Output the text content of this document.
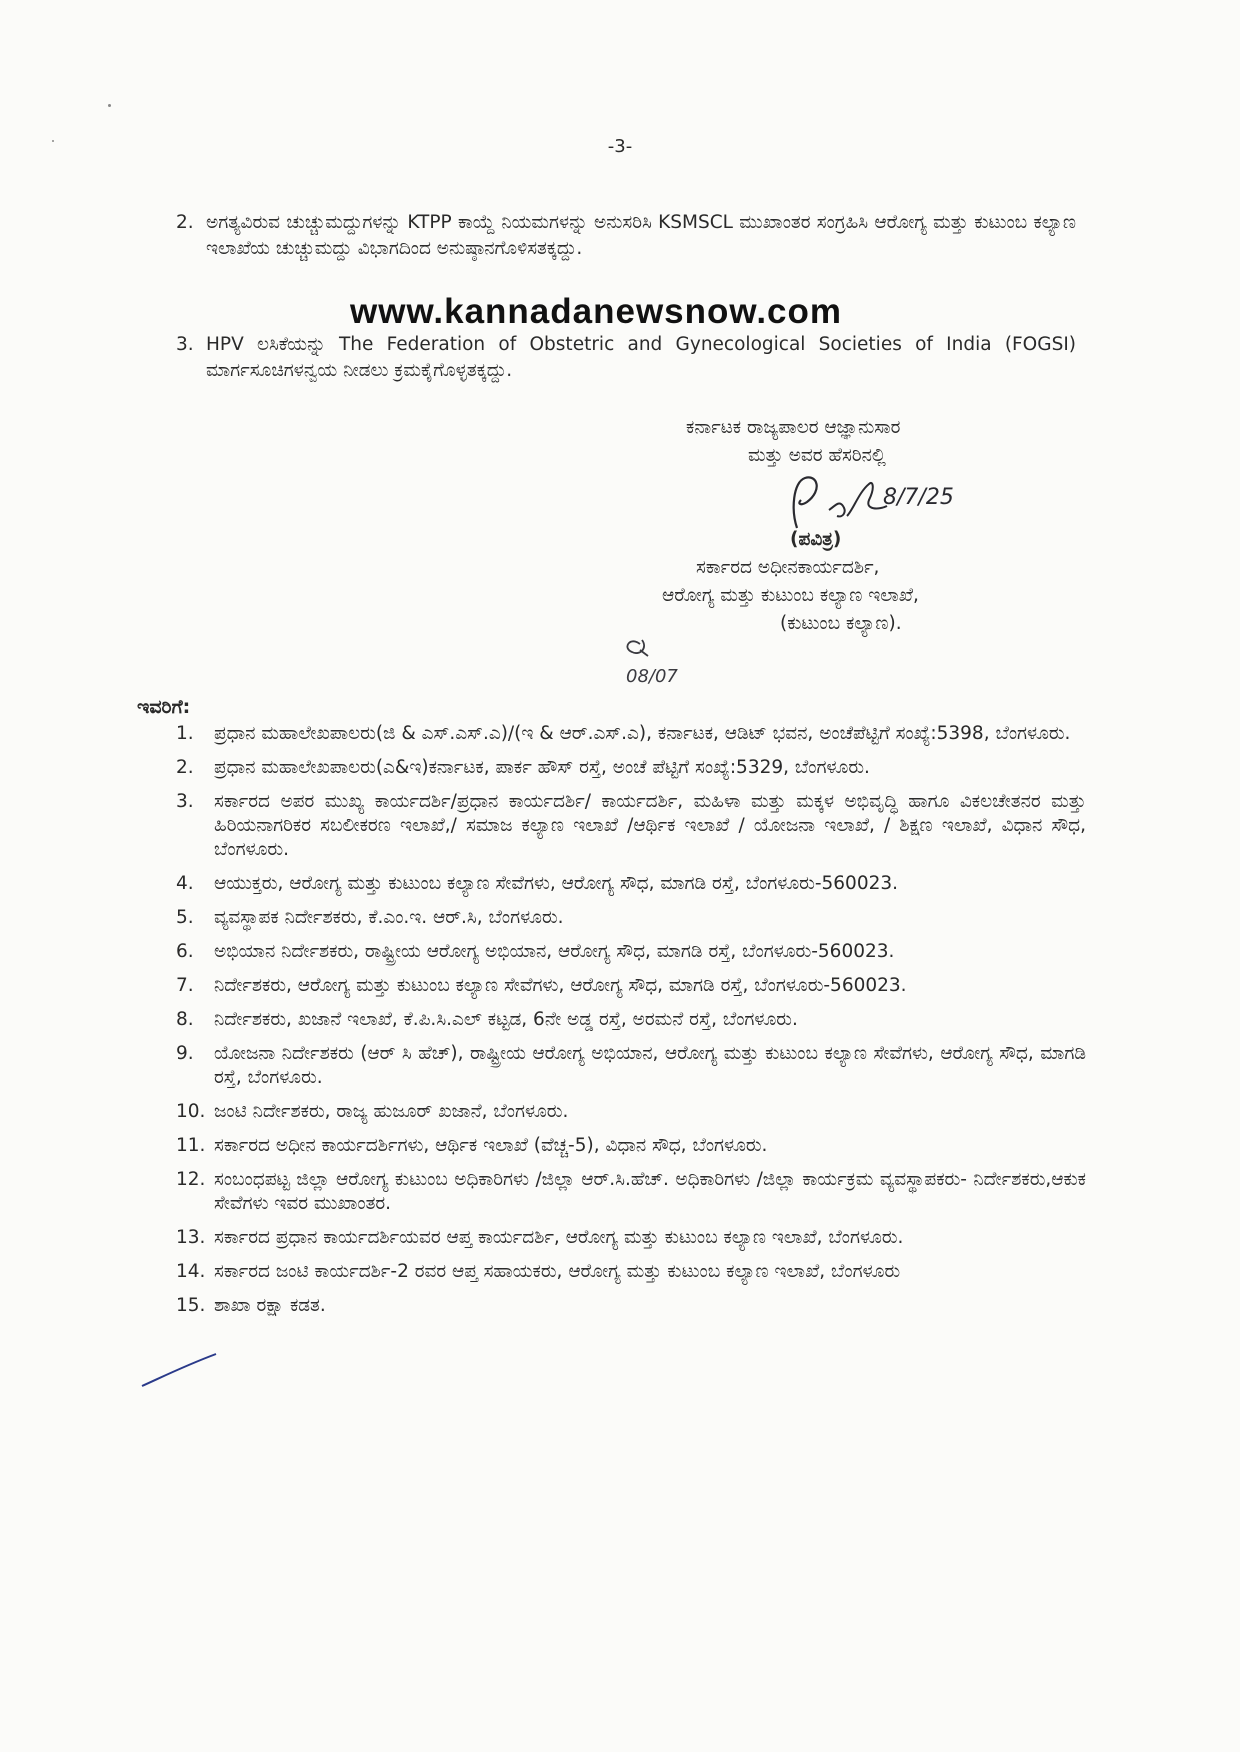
-3-
2. ಅಗತ್ಯವಿರುವ ಚುಚ್ಚುಮದ್ದುಗಳನ್ನು KTPP ಕಾಯ್ದೆ ನಿಯಮಗಳನ್ನು ಅನುಸರಿಸಿ KSMSCL ಮುಖಾಂತರ ಸಂಗ್ರಹಿಸಿ ಆರೋಗ್ಯ ಮತ್ತು ಕುಟುಂಬ ಕಲ್ಯಾಣ ಇಲಾಖೆಯ ಚುಚ್ಚುಮದ್ದು ವಿಭಾಗದಿಂದ ಅನುಷ್ಠಾನಗೊಳಿಸತಕ್ಕದ್ದು.
www.kannadanewsnow.com
3. HPV ಲಸಿಕೆಯನ್ನು The Federation of Obstetric and Gynecological Societies of India (FOGSI) ಮಾರ್ಗಸೂಚಿಗಳನ್ವಯ ನೀಡಲು ಕ್ರಮಕೈಗೊಳ್ಳತಕ್ಕದ್ದು.
ಕರ್ನಾಟಕ ರಾಜ್ಯಪಾಲರ ಆಜ್ಞಾನುಸಾರ
ಮತ್ತು ಅವರ ಹೆಸರಿನಲ್ಲಿ
(ಪವಿತ್ರ)
ಸರ್ಕಾರದ ಅಧೀನಕಾರ್ಯದರ್ಶಿ,
ಆರೋಗ್ಯ ಮತ್ತು ಕುಟುಂಬ ಕಲ್ಯಾಣ ಇಲಾಖೆ,
(ಕುಟುಂಬ ಕಲ್ಯಾಣ).
8/7/25
08/07
ಇವರಿಗೆ:
1. ಪ್ರಧಾನ ಮಹಾಲೇಖಪಾಲರು(ಜಿ & ಎಸ್.ಎಸ್.ಎ)/(ಇ & ಆರ್.ಎಸ್.ಎ), ಕರ್ನಾಟಕ, ಆಡಿಟ್ ಭವನ, ಅಂಚೆಪೆಟ್ಟಿಗೆ ಸಂಖ್ಯೆ:5398, ಬೆಂಗಳೂರು.
2. ಪ್ರಧಾನ ಮಹಾಲೇಖಪಾಲರು(ಎ&ಇ)ಕರ್ನಾಟಕ, ಪಾರ್ಕ ಹೌಸ್ ರಸ್ತೆ, ಅಂಚೆ ಪೆಟ್ಟಿಗೆ ಸಂಖ್ಯೆ:5329, ಬೆಂಗಳೂರು.
3. ಸರ್ಕಾರದ ಅಪರ ಮುಖ್ಯ ಕಾರ್ಯದರ್ಶಿ/ಪ್ರಧಾನ ಕಾರ್ಯದರ್ಶಿ/ ಕಾರ್ಯದರ್ಶಿ, ಮಹಿಳಾ ಮತ್ತು ಮಕ್ಕಳ ಅಭಿವೃದ್ಧಿ ಹಾಗೂ ವಿಕಲಚೇತನರ ಮತ್ತು ಹಿರಿಯನಾಗರಿಕರ ಸಬಲೀಕರಣ ಇಲಾಖೆ,/ ಸಮಾಜ ಕಲ್ಯಾಣ ಇಲಾಖೆ /ಆರ್ಥಿಕ ಇಲಾಖೆ / ಯೋಜನಾ ಇಲಾಖೆ, / ಶಿಕ್ಷಣ ಇಲಾಖೆ, ವಿಧಾನ ಸೌಧ, ಬೆಂಗಳೂರು.
4. ಆಯುಕ್ತರು, ಆರೋಗ್ಯ ಮತ್ತು ಕುಟುಂಬ ಕಲ್ಯಾಣ ಸೇವೆಗಳು, ಆರೋಗ್ಯ ಸೌಧ, ಮಾಗಡಿ ರಸ್ತೆ, ಬೆಂಗಳೂರು-560023.
5. ವ್ಯವಸ್ಥಾಪಕ ನಿರ್ದೇಶಕರು, ಕೆ.ಎಂ.ಇ. ಆರ್.ಸಿ, ಬೆಂಗಳೂರು.
6. ಅಭಿಯಾನ ನಿರ್ದೇಶಕರು, ರಾಷ್ಟ್ರೀಯ ಆರೋಗ್ಯ ಅಭಿಯಾನ, ಆರೋಗ್ಯ ಸೌಧ, ಮಾಗಡಿ ರಸ್ತೆ, ಬೆಂಗಳೂರು-560023.
7. ನಿರ್ದೇಶಕರು, ಆರೋಗ್ಯ ಮತ್ತು ಕುಟುಂಬ ಕಲ್ಯಾಣ ಸೇವೆಗಳು, ಆರೋಗ್ಯ ಸೌಧ, ಮಾಗಡಿ ರಸ್ತೆ, ಬೆಂಗಳೂರು-560023.
8. ನಿರ್ದೇಶಕರು, ಖಜಾನೆ ಇಲಾಖೆ, ಕೆ.ಪಿ.ಸಿ.ಎಲ್ ಕಟ್ಟಡ, 6ನೇ ಅಡ್ಡ ರಸ್ತೆ, ಅರಮನೆ ರಸ್ತೆ, ಬೆಂಗಳೂರು.
9. ಯೋಜನಾ ನಿರ್ದೇಶಕರು (ಆರ್ ಸಿ ಹೆಚ್), ರಾಷ್ಟ್ರೀಯ ಆರೋಗ್ಯ ಅಭಿಯಾನ, ಆರೋಗ್ಯ ಮತ್ತು ಕುಟುಂಬ ಕಲ್ಯಾಣ ಸೇವೆಗಳು, ಆರೋಗ್ಯ ಸೌಧ, ಮಾಗಡಿ ರಸ್ತೆ, ಬೆಂಗಳೂರು.
10. ಜಂಟಿ ನಿರ್ದೇಶಕರು, ರಾಜ್ಯ ಹುಜೂರ್ ಖಜಾನೆ, ಬೆಂಗಳೂರು.
11. ಸರ್ಕಾರದ ಅಧೀನ ಕಾರ್ಯದರ್ಶಿಗಳು, ಆರ್ಥಿಕ ಇಲಾಖೆ (ವೆಚ್ಚ-5), ವಿಧಾನ ಸೌಧ, ಬೆಂಗಳೂರು.
12. ಸಂಬಂಧಪಟ್ಟ ಜಿಲ್ಲಾ ಆರೋಗ್ಯ ಕುಟುಂಬ ಅಧಿಕಾರಿಗಳು /ಜಿಲ್ಲಾ ಆರ್.ಸಿ.ಹೆಚ್. ಅಧಿಕಾರಿಗಳು /ಜಿಲ್ಲಾ ಕಾರ್ಯಕ್ರಮ ವ್ಯವಸ್ಥಾಪಕರು- ನಿರ್ದೇಶಕರು,ಆಕುಕ ಸೇವೆಗಳು ಇವರ ಮುಖಾಂತರ.
13. ಸರ್ಕಾರದ ಪ್ರಧಾನ ಕಾರ್ಯದರ್ಶಿಯವರ ಆಪ್ತ ಕಾರ್ಯದರ್ಶಿ, ಆರೋಗ್ಯ ಮತ್ತು ಕುಟುಂಬ ಕಲ್ಯಾಣ ಇಲಾಖೆ, ಬೆಂಗಳೂರು.
14. ಸರ್ಕಾರದ ಜಂಟಿ ಕಾರ್ಯದರ್ಶಿ-2 ರವರ ಆಪ್ತ ಸಹಾಯಕರು, ಆರೋಗ್ಯ ಮತ್ತು ಕುಟುಂಬ ಕಲ್ಯಾಣ ಇಲಾಖೆ, ಬೆಂಗಳೂರು
15. ಶಾಖಾ ರಕ್ಷಾ ಕಡತ.
